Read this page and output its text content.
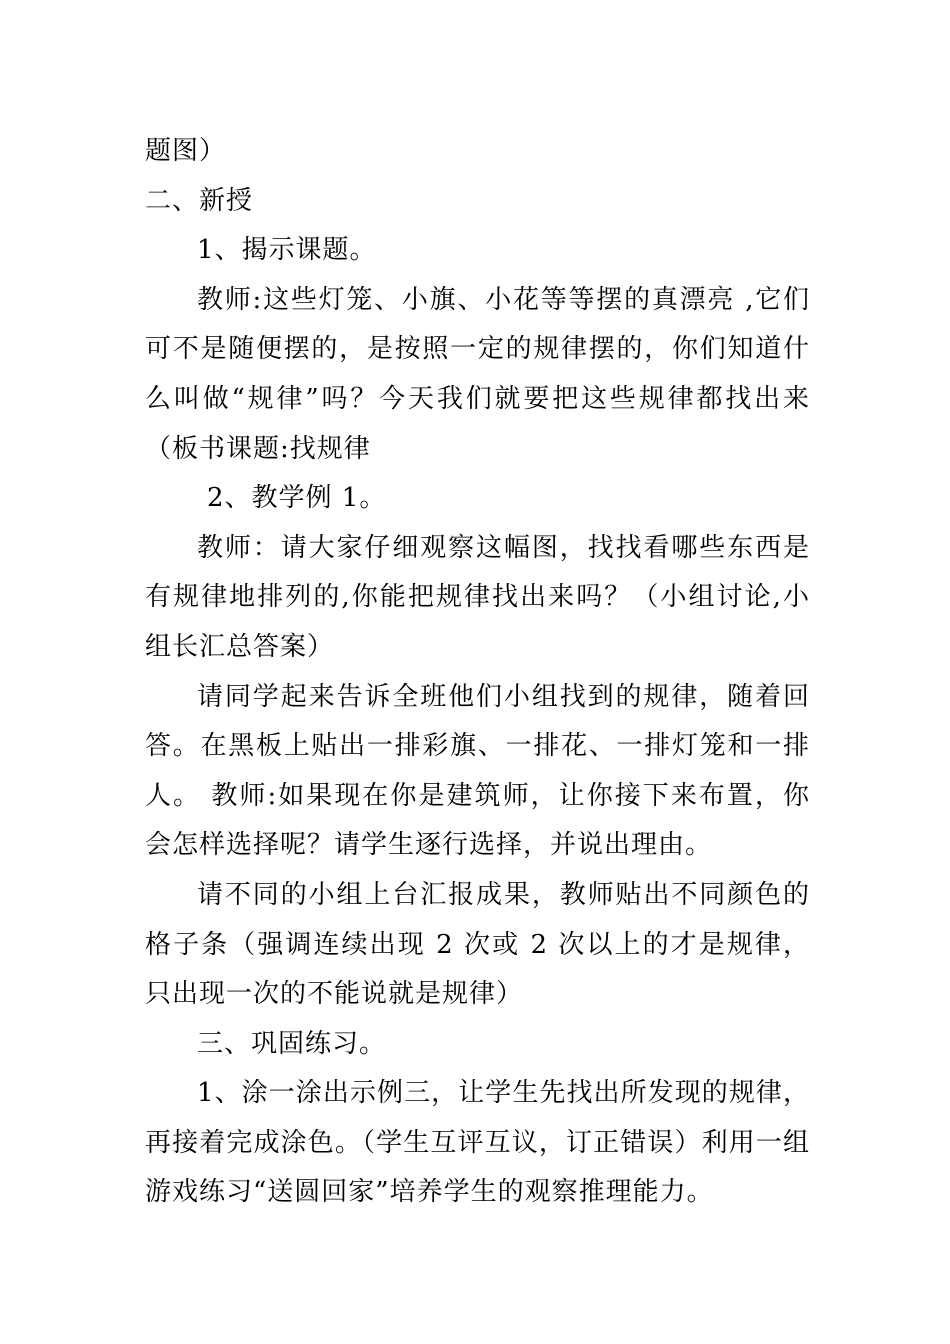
题图）

二、新授

1、揭示课题。

教师:这些灯笼、小旗、小花等等摆的真漂亮 ,它们可不是随便摆的，是按照一定的规律摆的，你们知道什么叫做“规律”吗？今天我们就要把这些规律都找出来（板书课题:找规律

2、教学例 1。

教师：请大家仔细观察这幅图，找找看哪些东西是有规律地排列的,你能把规律找出来吗？（小组讨论,小组长汇总答案）

请同学起来告诉全班他们小组找到的规律，随着回答。在黑板上贴出一排彩旗、一排花、一排灯笼和一排人。 教师:如果现在你是建筑师，让你接下来布置，你会怎样选择呢？请学生逐行选择，并说出理由。

请不同的小组上台汇报成果，教师贴出不同颜色的格子条（强调连续出现 2 次或 2 次以上的才是规律，只出现一次的不能说就是规律）

三、巩固练习。

1、涂一涂出示例三，让学生先找出所发现的规律，再接着完成涂色。（学生互评互议，订正错误）利用一组游戏练习“送圆回家”培养学生的观察推理能力。
